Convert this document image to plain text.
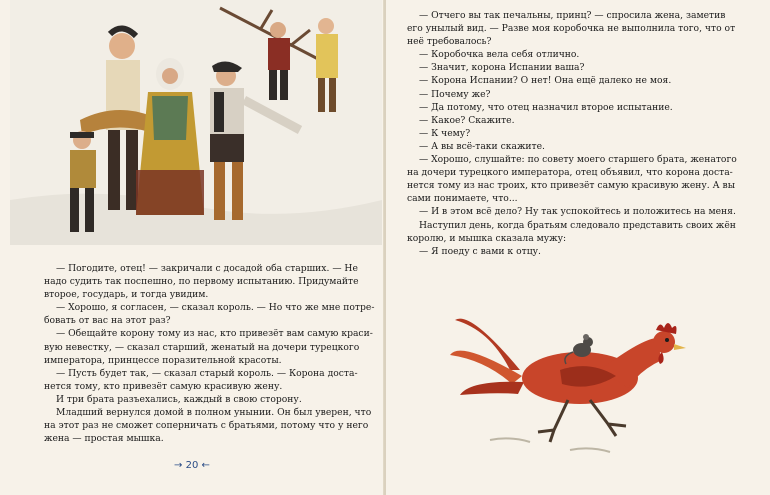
— Погодите, отец! — закричали с досадой оба старших. — Не

надо судить так поспешно, по первому испытанию. Придумайте

второе, государь, и тогда увидим.

— Хорошо, я согласен, — сказал король. — Но что же мне потре-

бовать от вас на этот раз?

— Обещайте корону тому из нас, кто привезёт вам самую краси-

вую невестку, — сказал старший, женатый на дочери турецкого

императора, принцессе поразительной красоты.

— Пусть будет так, — сказал старый король. — Корона доста-

нется тому, кто привезёт самую красивую жену.

И три брата разъехались, каждый в свою сторону.

Младший вернулся домой в полном унынии. Он был уверен, что

на этот раз не сможет соперничать с братьями, потому что у него

жена — простая мышка.

→ 20 ←

— Отчего вы так печальны, принц? — спросила жена, заметив

его унылый вид. — Разве моя коробочка не выполнила того, что от

неё требовалось?

— Коробочка вела себя отлично.

— Значит, корона Испании ваша?

— Корона Испании? О нет! Она ещё далеко не моя.

— Почему же?

— Да потому, что отец назначил второе испытание.

— Какое? Скажите.

— К чему?

— А вы всё-таки скажите.

— Хорошо, слушайте: по совету моего старшего брата, женатого

на дочери турецкого императора, отец объявил, что корона доста-

нется тому из нас троих, кто привезёт самую красивую жену. А вы

сами понимаете, что...

— И в этом всё дело? Ну так успокойтесь и положитесь на меня.

Наступил день, когда братьям следовало представить своих жён

королю, и мышка сказала мужу:

— Я поеду с вами к отцу.
